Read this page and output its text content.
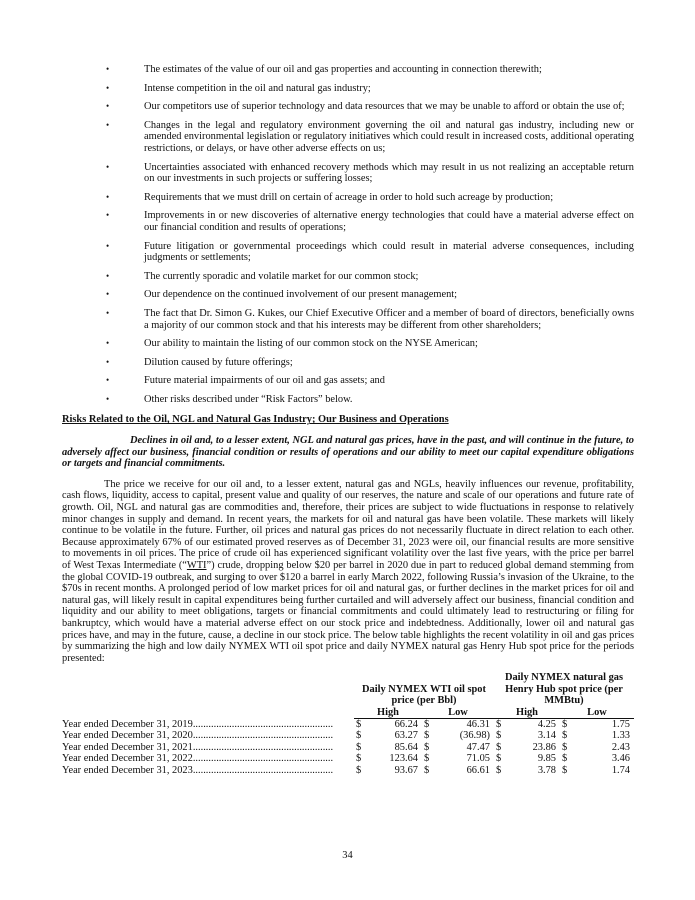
•	The estimates of the value of our oil and gas properties and accounting in connection therewith;
•	Intense competition in the oil and natural gas industry;
•	Our competitors use of superior technology and data resources that we may be unable to afford or obtain the use of;
•	Changes in the legal and regulatory environment governing the oil and natural gas industry, including new or amended environmental legislation or regulatory initiatives which could result in increased costs, additional operating restrictions, or delays, or have other adverse effects on us;
•	Uncertainties associated with enhanced recovery methods which may result in us not realizing an acceptable return on our investments in such projects or suffering losses;
•	Requirements that we must drill on certain of acreage in order to hold such acreage by production;
•	Improvements in or new discoveries of alternative energy technologies that could have a material adverse effect on our financial condition and results of operations;
•	Future litigation or governmental proceedings which could result in material adverse consequences, including judgments or settlements;
•	The currently sporadic and volatile market for our common stock;
•	Our dependence on the continued involvement of our present management;
•	The fact that Dr. Simon G. Kukes, our Chief Executive Officer and a member of board of directors, beneficially owns a majority of our common stock and that his interests may be different from other shareholders;
•	Our ability to maintain the listing of our common stock on the NYSE American;
•	Dilution caused by future offerings;
•	Future material impairments of our oil and gas assets; and
•	Other risks described under “Risk Factors” below.
Risks Related to the Oil, NGL and Natural Gas Industry; Our Business and Operations
Declines in oil and, to a lesser extent, NGL and natural gas prices, have in the past, and will continue in the future, to adversely affect our business, financial condition or results of operations and our ability to meet our capital expenditure obligations or targets and financial commitments.
The price we receive for our oil and, to a lesser extent, natural gas and NGLs, heavily influences our revenue, profitability, cash flows, liquidity, access to capital, present value and quality of our reserves, the nature and scale of our operations and future rate of growth. Oil, NGL and natural gas are commodities and, therefore, their prices are subject to wide fluctuations in response to relatively minor changes in supply and demand. In recent years, the markets for oil and natural gas have been volatile. These markets will likely continue to be volatile in the future. Further, oil prices and natural gas prices do not necessarily fluctuate in direct relation to each other. Because approximately 67% of our estimated proved reserves as of December 31, 2023 were oil, our financial results are more sensitive to movements in oil prices. The price of crude oil has experienced significant volatility over the last five years, with the price per barrel of West Texas Intermediate (“WTI”) crude, dropping below $20 per barrel in 2020 due in part to reduced global demand stemming from the global COVID-19 outbreak, and surging to over $120 a barrel in early March 2022, following Russia’s invasion of the Ukraine, to the $70s in recent months. A prolonged period of low market prices for oil and natural gas, or further declines in the market prices for oil and natural gas, will likely result in capital expenditures being further curtailed and will adversely affect our business, financial condition and liquidity and our ability to meet obligations, targets or financial commitments and could ultimately lead to restructuring or filing for bankruptcy, which would have a material adverse effect on our stock price and indebtedness. Additionally, lower oil and natural gas prices have, and may in the future, cause, a decline in our stock price. The below table highlights the recent volatility in oil and gas prices by summarizing the high and low daily NYMEX WTI oil spot price and daily NYMEX natural gas Henry Hub spot price for the periods presented:
	Daily NYMEX WTI oil spot price (per Bbl)				Daily NYMEX natural gas Henry Hub spot price (per MMBtu)			
	High		Low		High		Low	
Year ended December 31, 2019......................................................	$	66.24	$	46.31	$	4.25	$	1.75
Year ended December 31, 2020......................................................	$	63.27	$	(36.98)	$	3.14	$	1.33
Year ended December 31, 2021......................................................	$	85.64	$	47.47	$	23.86	$	2.43
Year ended December 31, 2022......................................................	$	123.64	$	71.05	$	9.85	$	3.46
Year ended December 31, 2023......................................................	$	93.67	$	66.61	$	3.78	$	1.74
34
